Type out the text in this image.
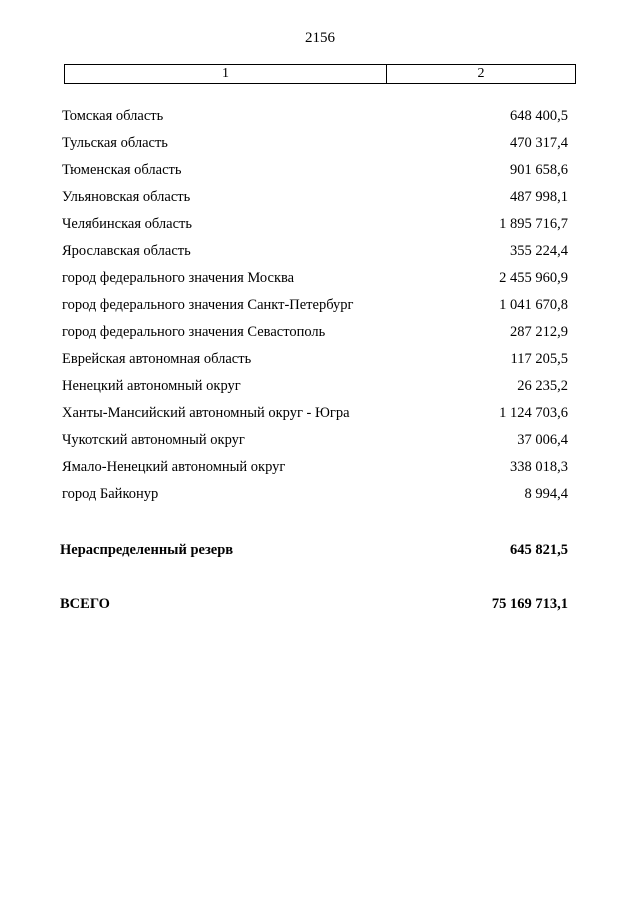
2156
1	2
Томская область	648 400,5
Тульская область	470 317,4
Тюменская область	901 658,6
Ульяновская область	487 998,1
Челябинская область	1 895 716,7
Ярославская область	355 224,4
город федерального значения Москва	2 455 960,9
город федерального значения Санкт-Петербург	1 041 670,8
город федерального значения Севастополь	287 212,9
Еврейская автономная область	117 205,5
Ненецкий автономный округ	26 235,2
Ханты-Мансийский автономный округ - Югра	1 124 703,6
Чукотский автономный округ	37 006,4
Ямало-Ненецкий автономный округ	338 018,3
город Байконур	8 994,4
Нераспределенный резерв	645 821,5
ВСЕГО	75 169 713,1
